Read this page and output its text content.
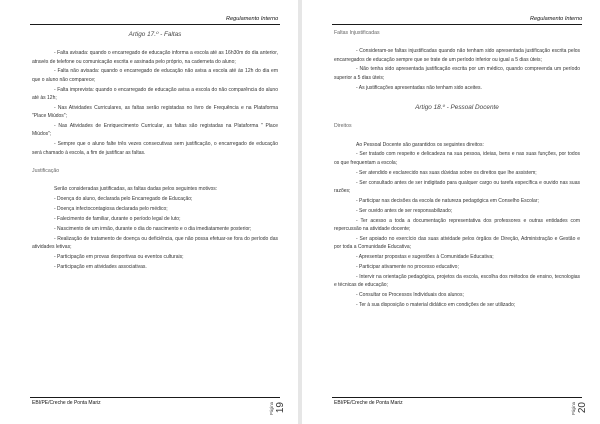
Regulamento Interno
Artigo 17.º - Faltas

- Falta avisada: quando o encarregado de educação informa a escola até as 16h30m do dia anterior, através de telefone ou comunicação escrita e assinada pelo próprio, na caderneta do aluno;

- Falta não avisada: quando o encarregado de educação não avisa a escola até às 12h do dia em que o aluno não comparece;

- Falta imprevista: quando o encarregado de educação avisa a escola do não comparência do aluno até às 12h;

- Nas Atividades Curriculares, as faltas serão registadas no livro de Frequência e na Plataforma "Place Miúdos";

- Nas Atividades de Enriquecimento Curricular, as faltas são registadas na Plataforma " Place Miúdos";

- Sempre que o aluno falte três vezes consecutivas sem justificação, o encarregado de educação será chamado à escola, a fim de justificar as faltas.

Justificação

Serão consideradas justificadas, as faltas dadas pelos seguintes motivos:

- Doença do aluno, declarada pelo Encarregado de Educação;

- Doença infectocontagiosa declarada pelo médico;

- Falecimento de familiar, durante o período legal de luto;

- Nascimento de um irmão, durante o dia do nascimento e o dia imediatamente posterior;

- Realização de tratamento de doença ou deficiência, que não possa efetuar-se fora do período das atividades letivas;

- Participação em provas desportivas ou eventos culturais;

- Participação em atividades associativas.

19
Página
EBI/PE/Creche de Ponta Mariz
Regulamento Interno
Faltas Injustificadas

- Consideram-se faltas injustificadas quando não tenham sido apresentada justificação escrita pelos encarregados de educação sempre que se trate de um período inferior ou igual a 5 dias úteis;

- Não tenha sido apresentada justificação escrita por um médico, quando compreenda um período superior a 5 dias úteis;

- As justificações apresentadas não tenham sido aceites.

Artigo 18.º - Pessoal Docente
Direitos

Ao Pessoal Docente são garantidos os seguintes direitos:

- Ser tratado com respeito e delicadeza na sua pessoa, ideias, bens e nas suas funções, por todos os que frequentam a escola;

- Ser atendido e esclarecido nas suas dúvidas sobre os direitos que lhe assistem;

- Ser consultado antes de ser indigitado para qualquer cargo ou tarefa específica e ouvido nas suas razões;

- Participar nas decisões da escola de natureza pedagógica em Conselho Escolar;

- Ser ouvido antes de ser responsabilizado;

- Ter acesso a toda a documentação representativa dos professores e outras entidades com repercussão na atividade docente;

- Ser apoiado no exercício das suas atividade pelos órgãos de Direção, Administração e Gestão e por toda a Comunidade Educativa;

- Apresentar propostas e sugestões à Comunidade Educativa;

- Participar ativamente no processo educativo;

- Intervir na orientação pedagógica, projetos da escola, escolha dos métodos de ensino, tecnologias e técnicas de educação;

- Consultar os Processos Individuais dos alunos;

- Ter à sua disposição o material didático em condições de ser utilizado;

20
Página
EBI/PE/Creche de Ponta Mariz
